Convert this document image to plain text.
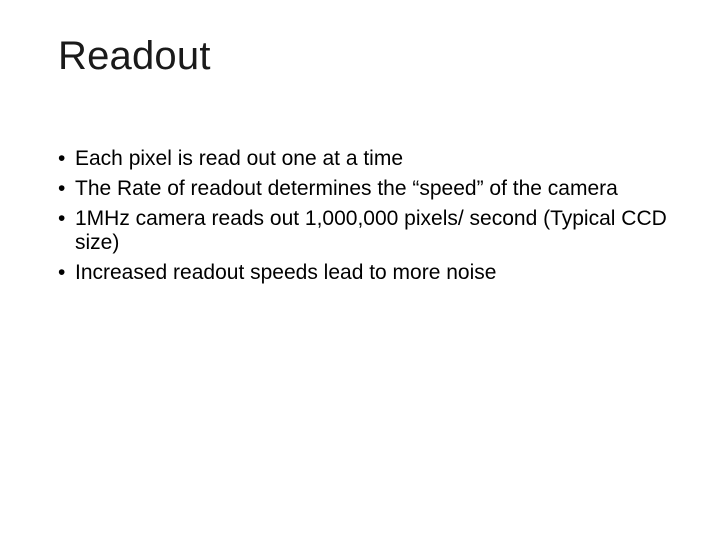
Readout
• Each pixel is read out one at a time
• The Rate of readout determines the “speed” of the camera
• 1MHz camera reads out 1,000,000 pixels/ second (Typical CCD size)
• Increased readout speeds lead to more noise
